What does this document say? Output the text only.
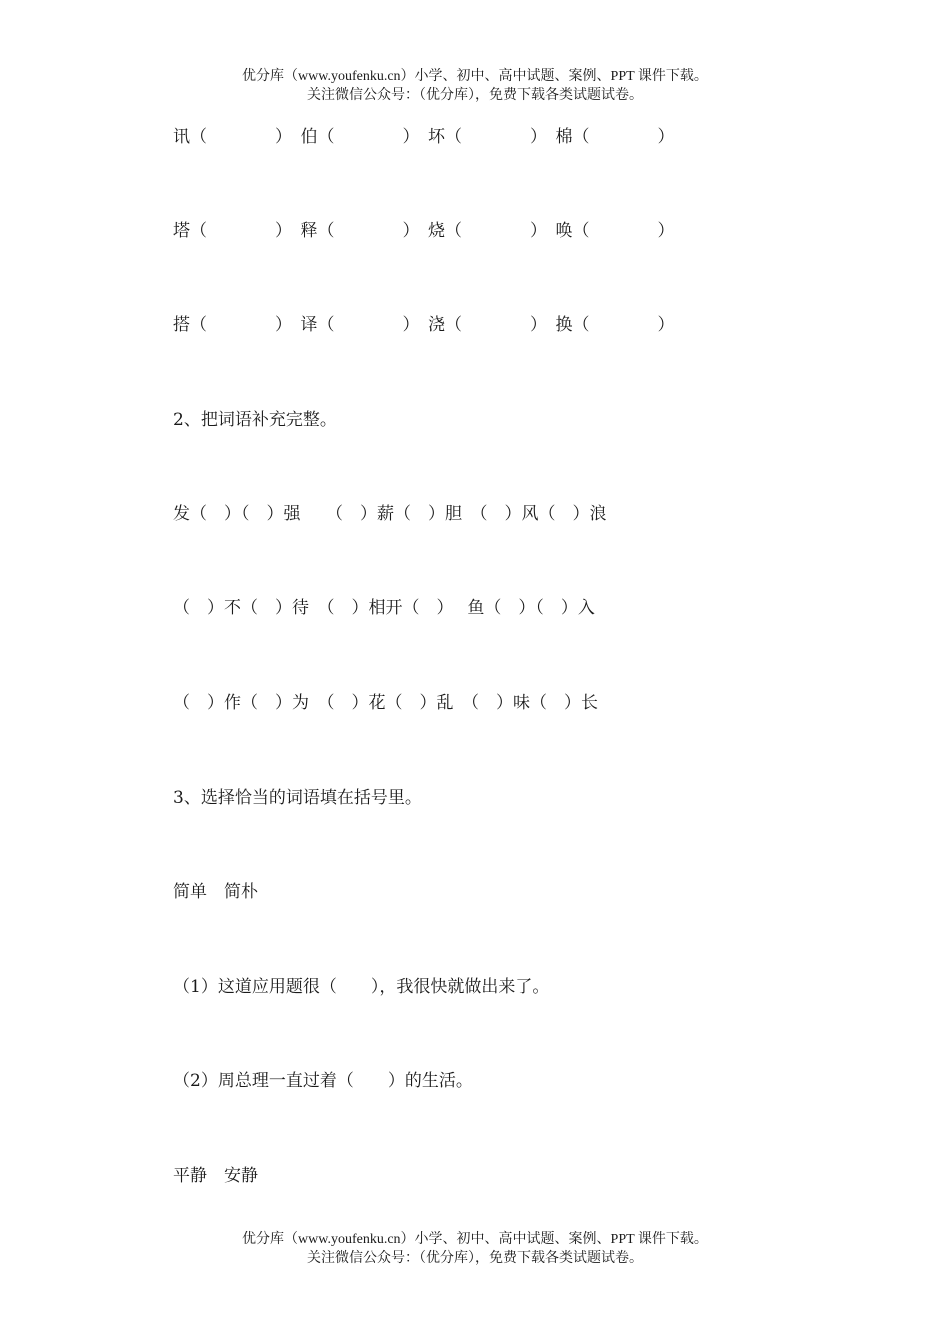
优分库（www.youfenku.cn）小学、初中、高中试题、案例、PPT 课件下载。
关注微信公众号：（优分库），免费下载各类试题试卷。
讯（　　　　）　伯（　　　　）　坏（　　　　）　棉（　　　　）
塔（　　　　）　释（　　　　）　烧（　　　　）　唤（　　　　）
搭（　　　　）　译（　　　　）　浇（　　　　）　换（　　　　）
2、把词语补充完整。
发（　）（　）强　　（　）薪（　）胆　（　）风（　）浪
（　）不（　）待　（　）相开（　）　 鱼（　）（　）入
（　）作（　）为　（　）花（　）乱　（　）味（　）长
3、选择恰当的词语填在括号里。
简单　简朴
（1）这道应用题很（　　），我很快就做出来了。
（2）周总理一直过着（　　）的生活。
平静　安静
优分库（www.youfenku.cn）小学、初中、高中试题、案例、PPT 课件下载。
关注微信公众号：（优分库），免费下载各类试题试卷。
